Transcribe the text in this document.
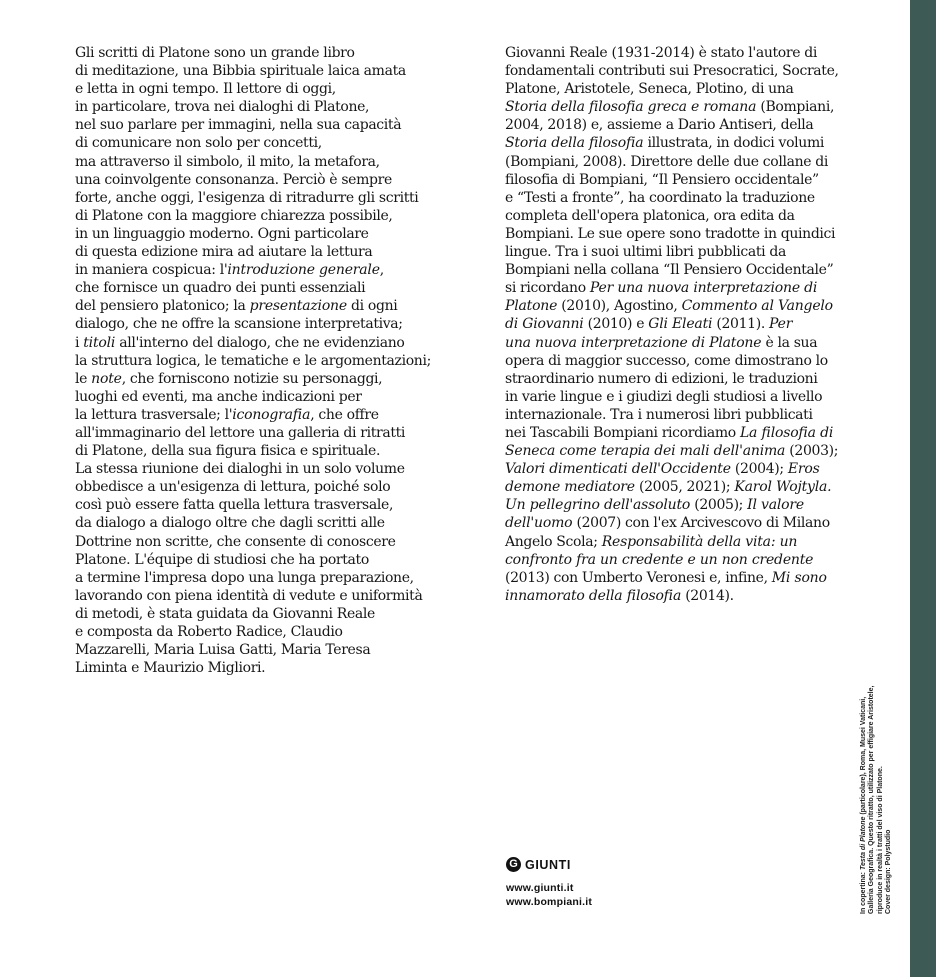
Gli scritti di Platone sono un grande libro
di meditazione, una Bibbia spirituale laica amata
e letta in ogni tempo. Il lettore di oggi,
in particolare, trova nei dialoghi di Platone,
nel suo parlare per immagini, nella sua capacità
di comunicare non solo per concetti,
ma attraverso il simbolo, il mito, la metafora,
una coinvolgente consonanza. Perciò è sempre
forte, anche oggi, l'esigenza di ritradurre gli scritti
di Platone con la maggiore chiarezza possibile,
in un linguaggio moderno. Ogni particolare
di questa edizione mira ad aiutare la lettura
in maniera cospicua: l'introduzione generale,
che fornisce un quadro dei punti essenziali
del pensiero platonico; la presentazione di ogni
dialogo, che ne offre la scansione interpretativa;
i titoli all'interno del dialogo, che ne evidenziano
la struttura logica, le tematiche e le argomentazioni;
le note, che forniscono notizie su personaggi,
luoghi ed eventi, ma anche indicazioni per
la lettura trasversale; l'iconografia, che offre
all'immaginario del lettore una galleria di ritratti
di Platone, della sua figura fisica e spirituale.
La stessa riunione dei dialoghi in un solo volume
obbedisce a un'esigenza di lettura, poiché solo
così può essere fatta quella lettura trasversale,
da dialogo a dialogo oltre che dagli scritti alle
Dottrine non scritte, che consente di conoscere
Platone. L'équipe di studiosi che ha portato
a termine l'impresa dopo una lunga preparazione,
lavorando con piena identità di vedute e uniformità
di metodi, è stata guidata da Giovanni Reale
e composta da Roberto Radice, Claudio
Mazzarelli, Maria Luisa Gatti, Maria Teresa
Liminta e Maurizio Migliori.
Giovanni Reale (1931-2014) è stato l'autore di
fondamentali contributi sui Presocratici, Socrate,
Platone, Aristotele, Seneca, Plotino, di una
Storia della filosofia greca e romana (Bompiani,
2004, 2018) e, assieme a Dario Antiseri, della
Storia della filosofia illustrata, in dodici volumi
(Bompiani, 2008). Direttore delle due collane di
filosofia di Bompiani, “Il Pensiero occidentale”
e “Testi a fronte”, ha coordinato la traduzione
completa dell'opera platonica, ora edita da
Bompiani. Le sue opere sono tradotte in quindici
lingue. Tra i suoi ultimi libri pubblicati da
Bompiani nella collana “Il Pensiero Occidentale”
si ricordano Per una nuova interpretazione di
Platone (2010), Agostino, Commento al Vangelo
di Giovanni (2010) e Gli Eleati (2011). Per
una nuova interpretazione di Platone è la sua
opera di maggior successo, come dimostrano lo
straordinario numero di edizioni, le traduzioni
in varie lingue e i giudizi degli studiosi a livello
internazionale. Tra i numerosi libri pubblicati
nei Tascabili Bompiani ricordiamo La filosofia di
Seneca come terapia dei mali dell'anima (2003);
Valori dimenticati dell'Occidente (2004); Eros
demone mediatore (2005, 2021); Karol Wojtyla.
Un pellegrino dell'assoluto (2005); Il valore
dell'uomo (2007) con l'ex Arcivescovo di Milano
Angelo Scola; Responsabilità della vita: un
confronto fra un credente e un non credente
(2013) con Umberto Veronesi e, infine, Mi sono
innamorato della filosofia (2014).
In copertina: Testa di Platone (particolare), Roma, Musei Vaticani, Galleria Geografica. Questo ritratto, utilizzato per effigiare Aristotele, riproduce in realtà i tratti del viso di Platone. Cover design: Polystudio
G GIUNTI
www.giunti.it
www.bompiani.it
